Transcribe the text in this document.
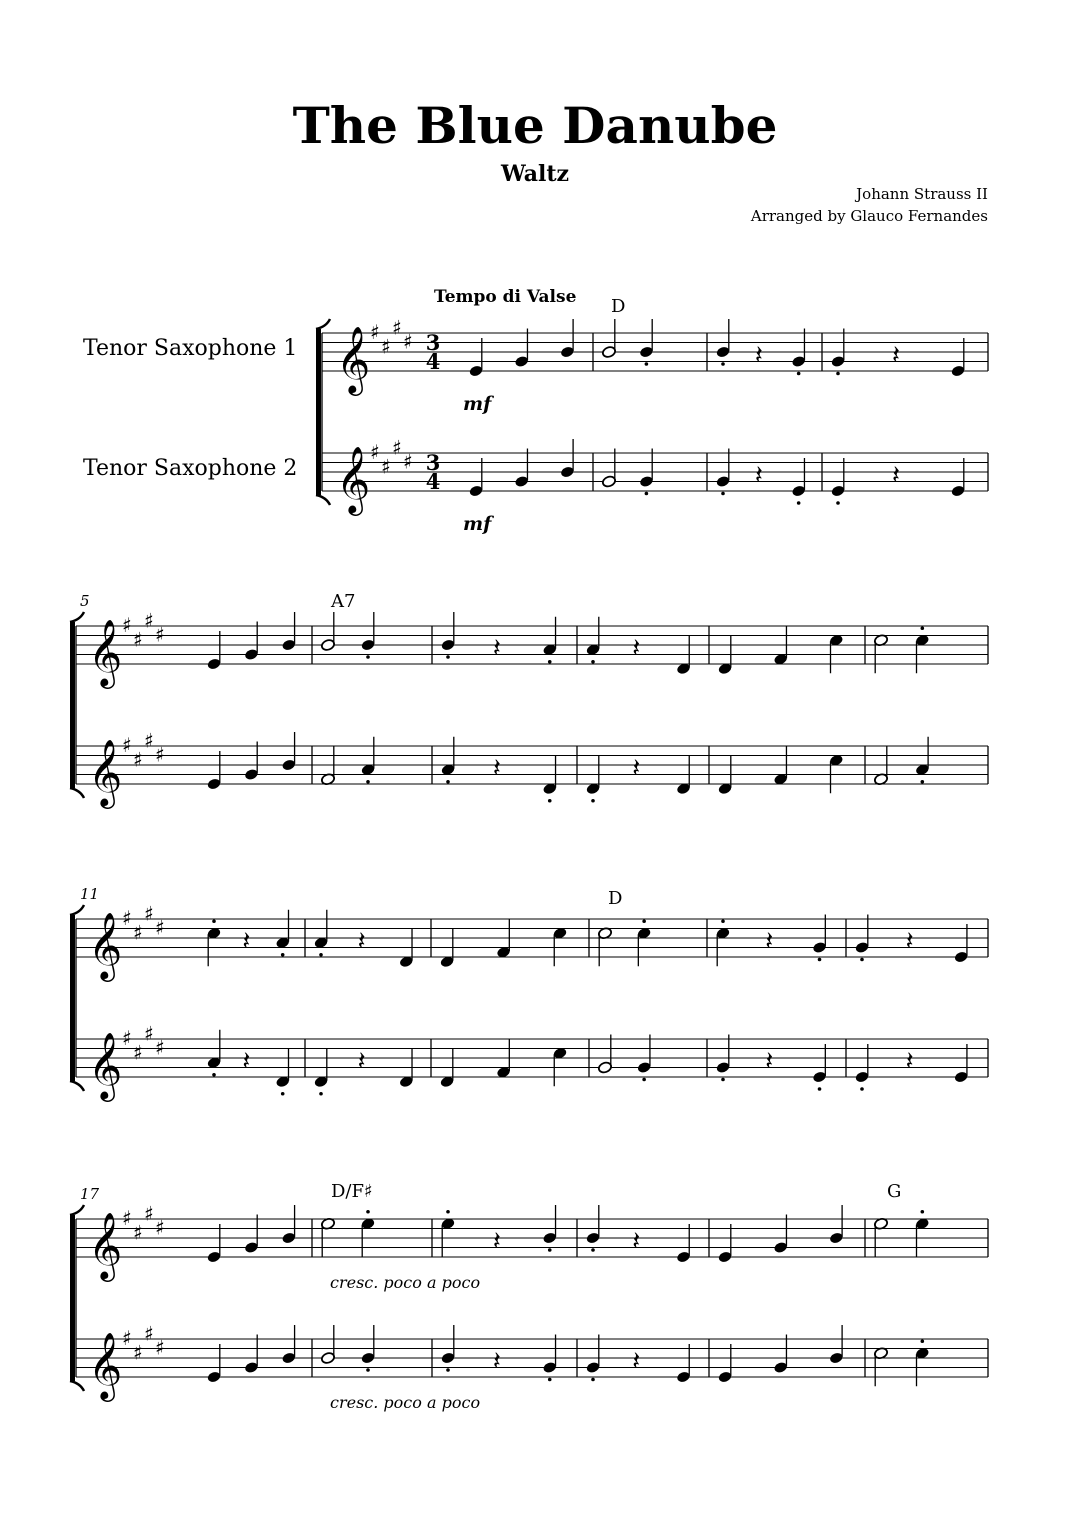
The Blue Danube
Waltz
Johann Strauss II
Arranged by Glauco Fernandes
𝄞 ♯
♯
♯
♯
𝄞 ♯
♯
♯
♯
3
4
3
4
𝄽	𝄽
𝄽	𝄽
𝄞 ♯
♯
♯
♯
𝄞 ♯
♯
♯
♯
5
𝄽	𝄽
𝄽	𝄽
𝄞 ♯
♯
♯
♯
𝄞 ♯
♯
♯
♯
11
𝄽	𝄽	𝄽	𝄽
𝄽	𝄽	𝄽	𝄽
𝄞 ♯
♯
♯
♯
𝄞 ♯
♯
♯
♯
17
𝄽	𝄽
𝄽	𝄽
Tenor Saxophone 1
Tenor Saxophone 2
Tempo di Valse
mf
mf
D
A7
D
D/F♯	G
cresc. poco a poco
cresc. poco a poco
